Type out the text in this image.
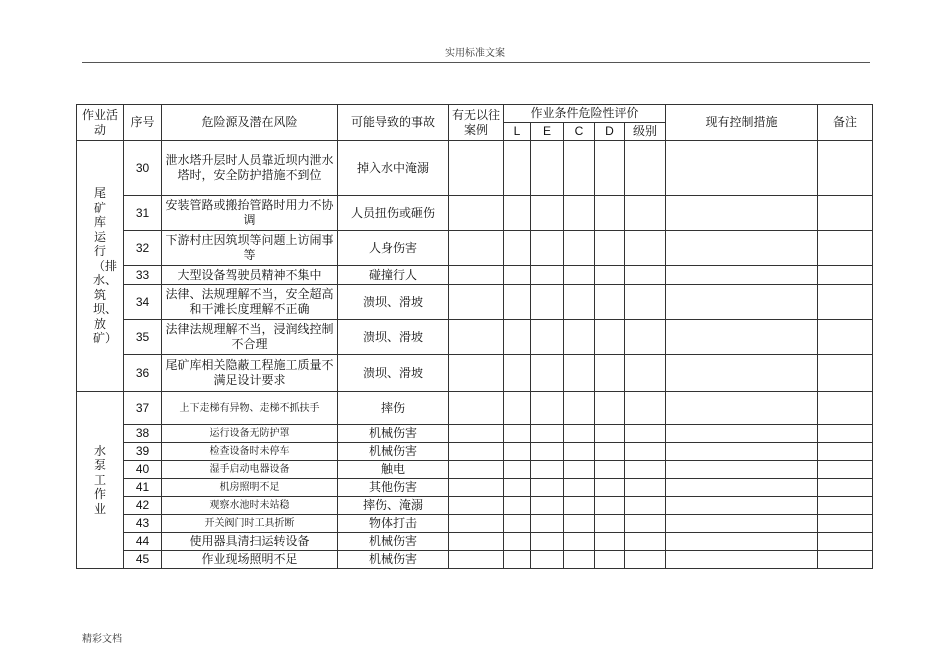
实用标准文案
作业活动	序号	危险源及潜在风险	可能导致的事故	有无以往案例	作业条件危险性评价					现有控制措施	备注
					L	E	C	D	级别		
尾矿库运行（排水、筑坝、放矿）	30	泄水塔升层时人员靠近坝内泄水塔时，安全防护措施不到位	掉入水中淹溺								
	31	安装管路或搬抬管路时用力不协调	人员扭伤或砸伤								
	32	下游村庄因筑坝等问题上访闹事等	人身伤害								
	33	大型设备驾驶员精神不集中	碰撞行人								
	34	法律、法规理解不当，安全超高和干滩长度理解不正确	溃坝、滑坡								
	35	法律法规理解不当，浸润线控制不合理	溃坝、滑坡								
	36	尾矿库相关隐蔽工程施工质量不满足设计要求	溃坝、滑坡								
水泵工作业	37	上下走梯有异物、走梯不抓扶手	摔伤								
	38	运行设备无防护罩	机械伤害								
	39	检查设备时未停车	机械伤害								
	40	湿手启动电器设备	触电								
	41	机房照明不足	其他伤害								
	42	观察水池时未站稳	摔伤、淹溺								
	43	开关阀门时工具折断	物体打击								
	44	使用器具清扫运转设备	机械伤害								
	45	作业现场照明不足	机械伤害								
精彩文档
